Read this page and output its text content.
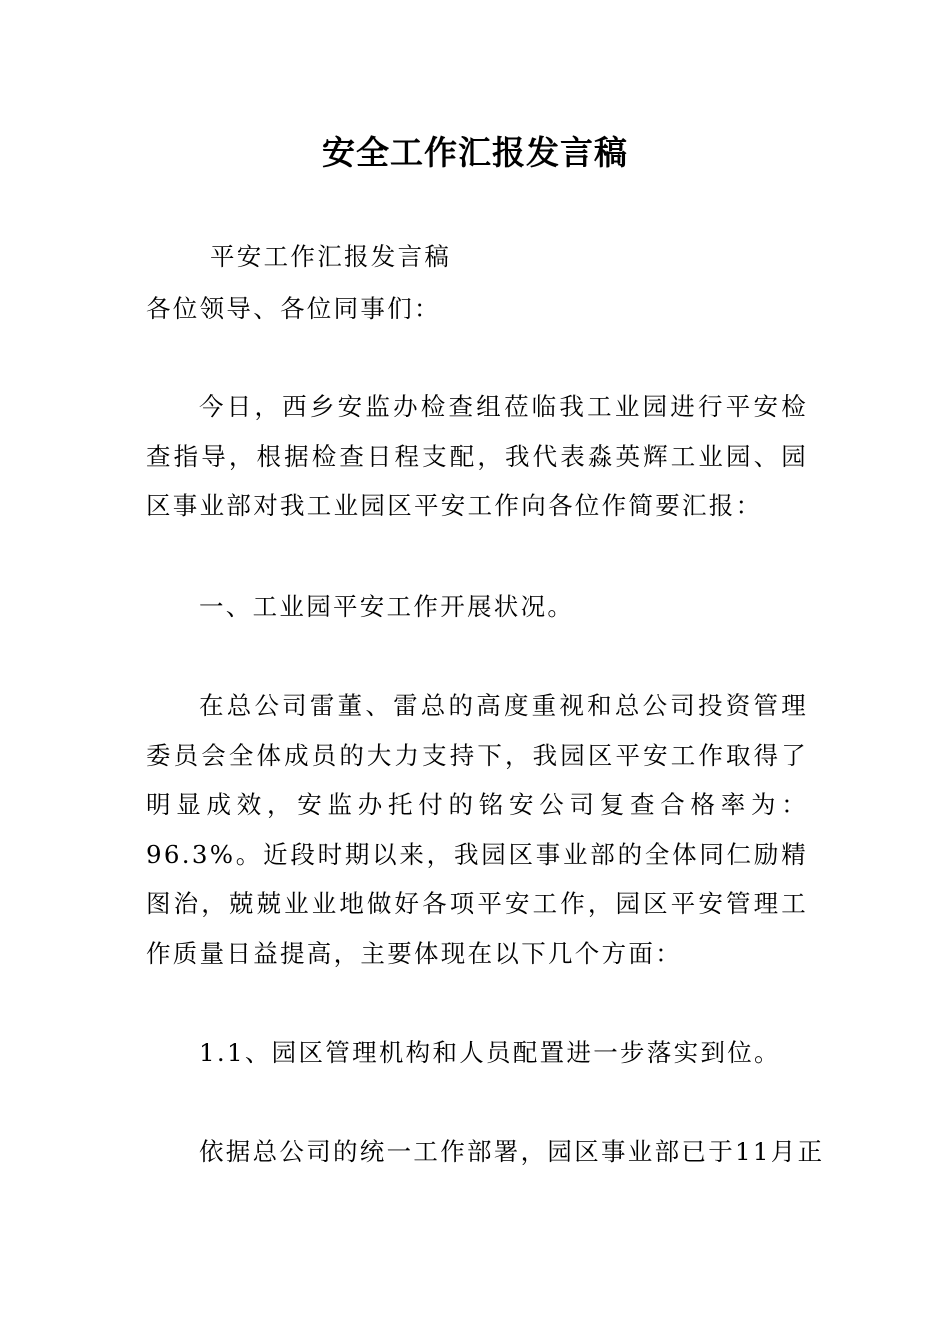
安全工作汇报发言稿

平安工作汇报发言稿

各位领导、各位同事们：

今日，西乡安监办检查组莅临我工业园进行平安检查指导，根据检查日程支配，我代表淼英辉工业园、园区事业部对我工业园区平安工作向各位作简要汇报：

一、工业园平安工作开展状况。

在总公司雷董、雷总的高度重视和总公司投资管理委员会全体成员的大力支持下，我园区平安工作取得了明显成效，安监办托付的铭安公司复查合格率为：96.3%。近段时期以来，我园区事业部的全体同仁励精图治，兢兢业业地做好各项平安工作，园区平安管理工作质量日益提高，主要体现在以下几个方面：

1.1、园区管理机构和人员配置进一步落实到位。

依据总公司的统一工作部署，园区事业部已于11月正
